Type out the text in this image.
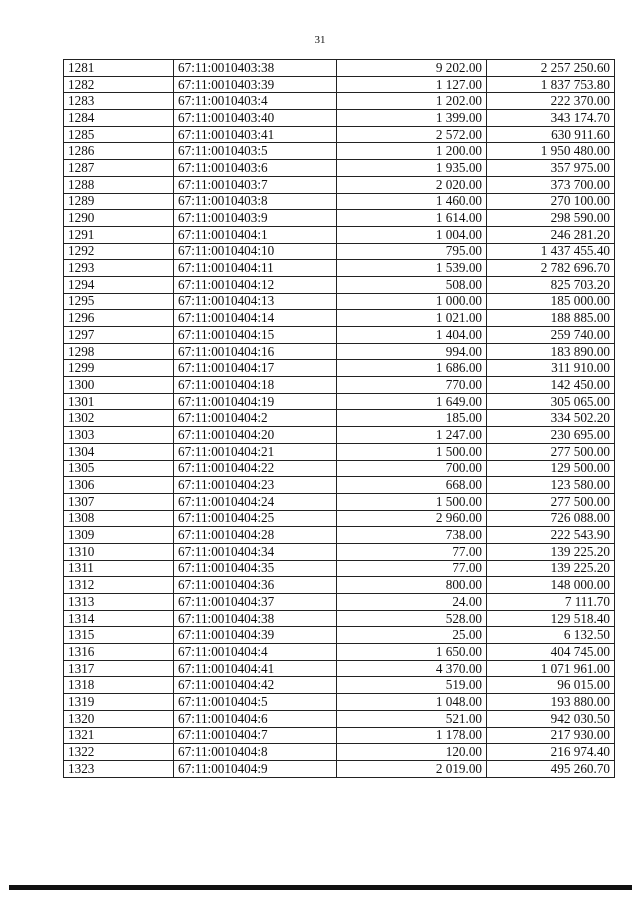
31
1281	67:11:0010403:38	9 202.00	2 257 250.60
1282	67:11:0010403:39	1 127.00	1 837 753.80
1283	67:11:0010403:4	1 202.00	222 370.00
1284	67:11:0010403:40	1 399.00	343 174.70
1285	67:11:0010403:41	2 572.00	630 911.60
1286	67:11:0010403:5	1 200.00	1 950 480.00
1287	67:11:0010403:6	1 935.00	357 975.00
1288	67:11:0010403:7	2 020.00	373 700.00
1289	67:11:0010403:8	1 460.00	270 100.00
1290	67:11:0010403:9	1 614.00	298 590.00
1291	67:11:0010404:1	1 004.00	246 281.20
1292	67:11:0010404:10	795.00	1 437 455.40
1293	67:11:0010404:11	1 539.00	2 782 696.70
1294	67:11:0010404:12	508.00	825 703.20
1295	67:11:0010404:13	1 000.00	185 000.00
1296	67:11:0010404:14	1 021.00	188 885.00
1297	67:11:0010404:15	1 404.00	259 740.00
1298	67:11:0010404:16	994.00	183 890.00
1299	67:11:0010404:17	1 686.00	311 910.00
1300	67:11:0010404:18	770.00	142 450.00
1301	67:11:0010404:19	1 649.00	305 065.00
1302	67:11:0010404:2	185.00	334 502.20
1303	67:11:0010404:20	1 247.00	230 695.00
1304	67:11:0010404:21	1 500.00	277 500.00
1305	67:11:0010404:22	700.00	129 500.00
1306	67:11:0010404:23	668.00	123 580.00
1307	67:11:0010404:24	1 500.00	277 500.00
1308	67:11:0010404:25	2 960.00	726 088.00
1309	67:11:0010404:28	738.00	222 543.90
1310	67:11:0010404:34	77.00	139 225.20
1311	67:11:0010404:35	77.00	139 225.20
1312	67:11:0010404:36	800.00	148 000.00
1313	67:11:0010404:37	24.00	7 111.70
1314	67:11:0010404:38	528.00	129 518.40
1315	67:11:0010404:39	25.00	6 132.50
1316	67:11:0010404:4	1 650.00	404 745.00
1317	67:11:0010404:41	4 370.00	1 071 961.00
1318	67:11:0010404:42	519.00	96 015.00
1319	67:11:0010404:5	1 048.00	193 880.00
1320	67:11:0010404:6	521.00	942 030.50
1321	67:11:0010404:7	1 178.00	217 930.00
1322	67:11:0010404:8	120.00	216 974.40
1323	67:11:0010404:9	2 019.00	495 260.70
